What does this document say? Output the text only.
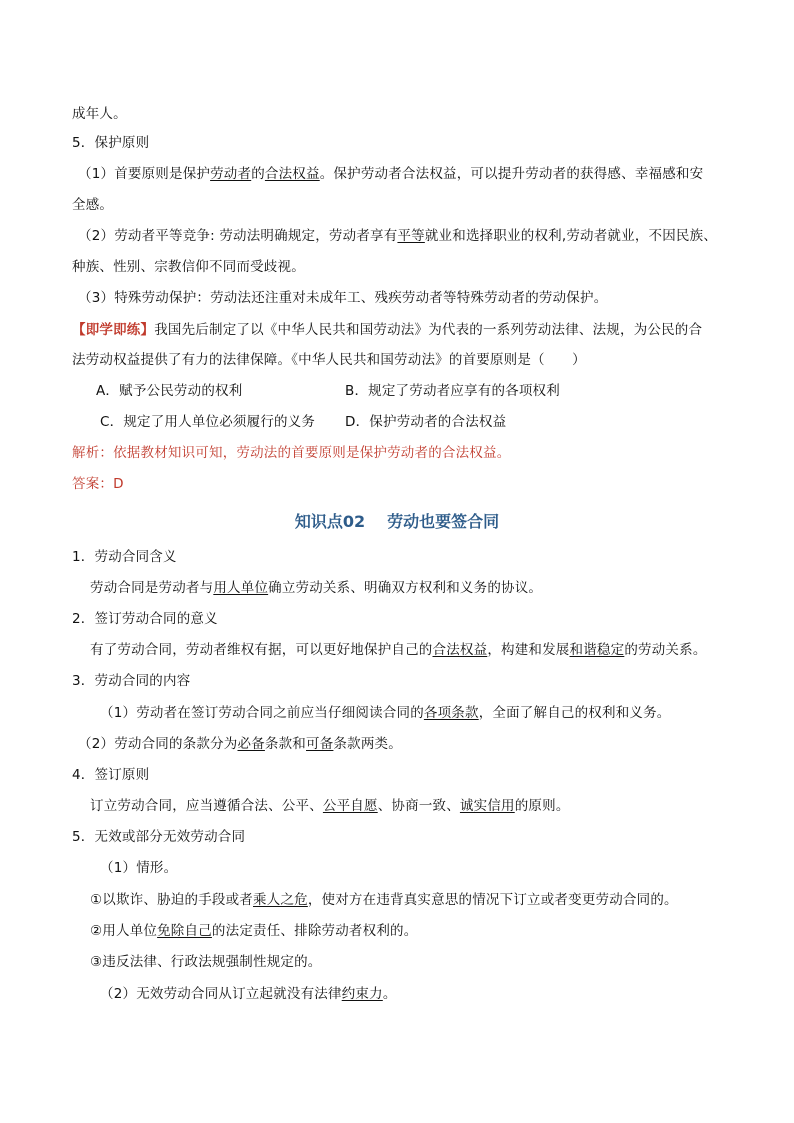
成年人。
5．保护原则
（1）首要原则是保护劳动者的合法权益。保护劳动者合法权益，可以提升劳动者的获得感、幸福感和安
全感。
（2）劳动者平等竞争: 劳动法明确规定，劳动者享有平等就业和选择职业的权利,劳动者就业，不因民族、
种族、性别、宗教信仰不同而受歧视。
（3）特殊劳动保护：劳动法还注重对未成年工、残疾劳动者等特殊劳动者的劳动保护。
【即学即练】我国先后制定了以《中华人民共和国劳动法》为代表的一系列劳动法律、法规，为公民的合
法劳动权益提供了有力的法律保障。《中华人民共和国劳动法》的首要原则是（　　）
A．赋予公民劳动的权利	B．规定了劳动者应享有的各项权利
C．规定了用人单位必须履行的义务 D．保护劳动者的合法权益
解析：依据教材知识可知，劳动法的首要原则是保护劳动者的合法权益。
答案：D
知识点02 劳动也要签合同
1．劳动合同含义
劳动合同是劳动者与用人单位确立劳动关系、明确双方权利和义务的协议。
2．签订劳动合同的意义
有了劳动合同，劳动者维权有据，可以更好地保护自己的合法权益，构建和发展和谐稳定的劳动关系。
3．劳动合同的内容
（1）劳动者在签订劳动合同之前应当仔细阅读合同的各项条款，全面了解自己的权利和义务。
（2）劳动合同的条款分为必备条款和可备条款两类。
4．签订原则
订立劳动合同，应当遵循合法、公平、公平自愿、协商一致、诚实信用的原则。
5．无效或部分无效劳动合同
（1）情形。
①以欺诈、胁迫的手段或者乘人之危，使对方在违背真实意思的情况下订立或者变更劳动合同的。
②用人单位免除自己的法定责任、排除劳动者权利的。
③违反法律、行政法规强制性规定的。
（2）无效劳动合同从订立起就没有法律约束力。
